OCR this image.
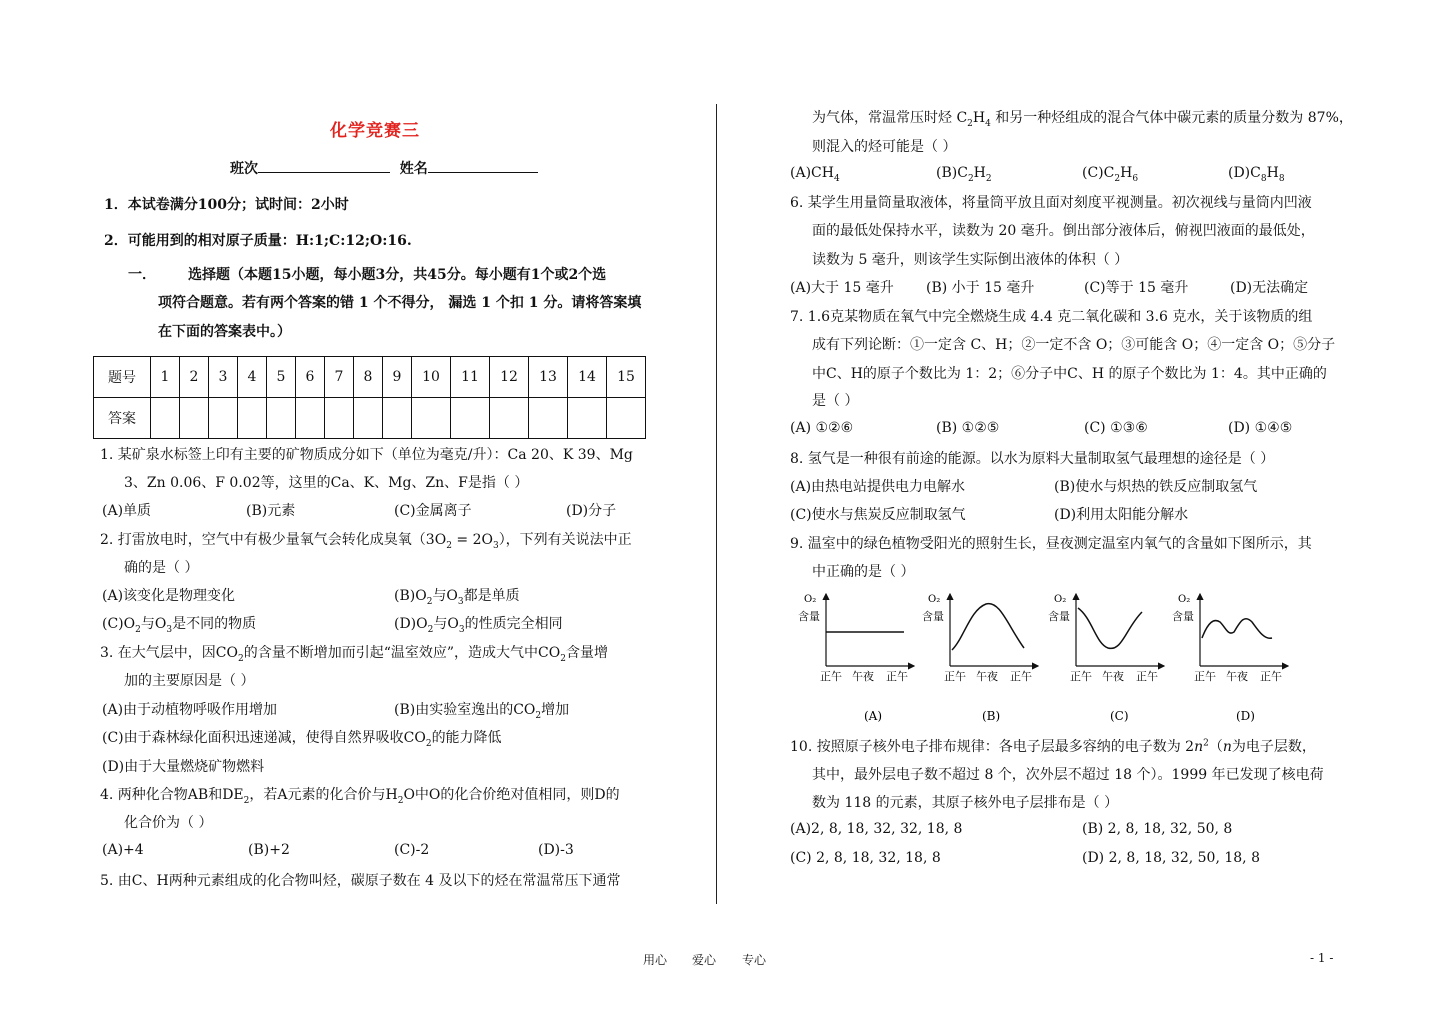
化学竞赛三
班次	姓名
1．本试卷满分100分；试时间：2小时
2．可能用到的相对原子质量：H:1;C:12;O:16.
一． 选择题（本题15小题，每小题3分，共45分。每小题有1个或2个选
项符合题意。若有两个答案的错 1 个不得分， 漏选 1 个扣 1 分。请将答案填
在下面的答案表中。）
题号	1	2	3	4	5	6	7	8	9	10	11	12	13	14	15
答案															
1. 某矿泉水标签上印有主要的矿物质成分如下（单位为毫克/升）：Ca 20、K 39、Mg
3、Zn 0.06、F 0.02等，这里的Ca、K、Mg、Zn、F是指（ ）
(A)单质	(B)元素	(C)金属离子	(D)分子
2. 打雷放电时，空气中有极少量氧气会转化成臭氧$(3O_2 = 2O_3)$，下列有关说法中正
确的是（ ）
(A)该变化是物理变化	$(B)O_2$与$O_3$都是单质
$(C)O_2$与$O_3$是不同的物质	$(D)O_2$与$O_3$的性质完全相同
3. 在大气层中，因$CO_2$的含量不断增加而引起“温室效应”，造成大气中$CO_2$含量增
加的主要原因是（ ）
(A)由于动植物呼吸作用增加	(B)由实验室逸出的$CO_2$增加
(C)由于森林绿化面积迅速递减，使得自然界吸收$CO_2$的能力降低
(D)由于大量燃烧矿物燃料
4. 两种化合物AB和$DE_2$，若A元素的化合价与$H_2O$中O的化合价绝对值相同，则D的
化合价为（ ）
(A)+4	(B)+2	(C)-2	(D)-3
5. 由C、H两种元素组成的化合物叫烃，碳原子数在 4 及以下的烃在常温常压下通常
为气体，常温常压时烃 $C_2H_4$ 和另一种烃组成的混合气体中碳元素的质量分数为 87%，
则混入的烃可能是（ ）
$(A)CH_4$	$(B)C_2H_2$	$(C)C_2H_6$	$(D)C_8H_8$
6. 某学生用量筒量取液体，将量筒平放且面对刻度平视测量。初次视线与量筒内凹液
面的最低处保持水平，读数为 20 毫升。倒出部分液体后，俯视凹液面的最低处，
读数为 5 毫升，则该学生实际倒出液体的体积（ ）
(A)大于 15 毫升 (B) 小于 15 毫升	(C)等于 15 毫升	(D)无法确定
7. 1.6克某物质在氧气中完全燃烧生成 4.4 克二氧化碳和 3.6 克水，关于该物质的组
成有下列论断：①一定含 C、H；②一定不含 O；③可能含 O；④一定含 O；⑤分子
中C、H的原子个数比为 1：2；⑥分子中C、H 的原子个数比为 1：4。其中正确的
是（ ）
(A) ①②⑥	(B) ①②⑤	(C) ①③⑥	(D) ①④⑤
8. 氢气是一种很有前途的能源。以水为原料大量制取氢气最理想的途径是（ ）
(A)由热电站提供电力电解水	(B)使水与炽热的铁反应制取氢气
(C)使水与焦炭反应制取氢气	(D)利用太阳能分解水
9. 温室中的绿色植物受阳光的照射生长，昼夜测定温室内氧气的含量如下图所示，其
中正确的是（ ）
O₂
含量
正午 午夜 正午
(A)
O₂
含量
正午 午夜 正午
(B)
O₂
含量
正午 午夜 正午
(C)
O₂
含量
正午 午夜 正午
(D)
10. 按照原子核外电子排布规律：各电子层最多容纳的电子数为 $2n^2(n$为电子层数，
其中，最外层电子数不超过 8 个，次外层不超过 18 个）。1999 年已发现了核电荷
数为 118 的元素，其原子核外电子层排布是（ ）
(A)2, 8, 18, 32, 32, 18, 8	(B) 2, 8, 18, 32, 50, 8
(C) 2, 8, 18, 32, 18, 8	(D) 2, 8, 18, 32, 50, 18, 8
用心 爱心 专心	- 1 -
